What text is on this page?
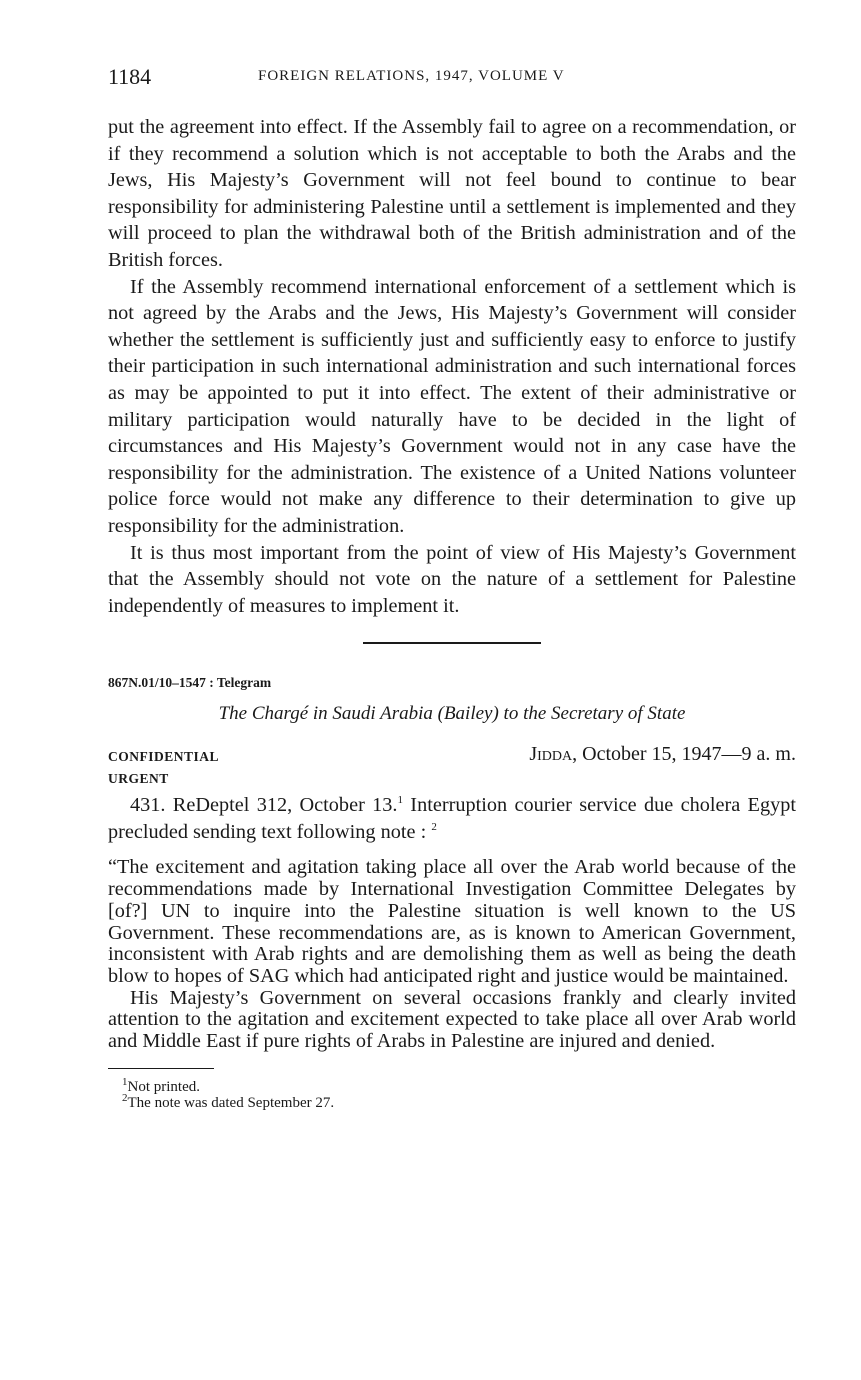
1184	FOREIGN RELATIONS, 1947, VOLUME V

put the agreement into effect. If the Assembly fail to agree on a recommendation, or if they recommend a solution which is not acceptable to both the Arabs and the Jews, His Majesty’s Government will not feel bound to continue to bear responsibility for administering Palestine until a settlement is implemented and they will proceed to plan the withdrawal both of the British administration and of the British forces.

If the Assembly recommend international enforcement of a settlement which is not agreed by the Arabs and the Jews, His Majesty’s Government will consider whether the settlement is sufficiently just and sufficiently easy to enforce to justify their participation in such international administration and such international forces as may be appointed to put it into effect. The extent of their administrative or military participation would naturally have to be decided in the light of circumstances and His Majesty’s Government would not in any case have the responsibility for the administration. The existence of a United Nations volunteer police force would not make any difference to their determination to give up responsibility for the administration.

It is thus most important from the point of view of His Majesty’s Government that the Assembly should not vote on the nature of a settlement for Palestine independently of measures to implement it.

867N.01/10–1547 : Telegram
The Chargé in Saudi Arabia (Bailey) to the Secretary of State
CONFIDENTIAL	Jidda, October 15, 1947—9 a. m.
URGENT

431. ReDeptel 312, October 13.$^1$ Interruption courier service due cholera Egypt precluded sending text following note : $^2$

“The excitement and agitation taking place all over the Arab world because of the recommendations made by International Investigation Committee Delegates by [of?] UN to inquire into the Palestine situation is well known to the US Government. These recommendations are, as is known to American Government, inconsistent with Arab rights and are demolishing them as well as being the death blow to hopes of SAG which had anticipated right and justice would be maintained.

His Majesty’s Government on several occasions frankly and clearly invited attention to the agitation and excitement expected to take place all over Arab world and Middle East if pure rights of Arabs in Palestine are injured and denied.

$^1$Not printed.
$^2$The note was dated September 27.
